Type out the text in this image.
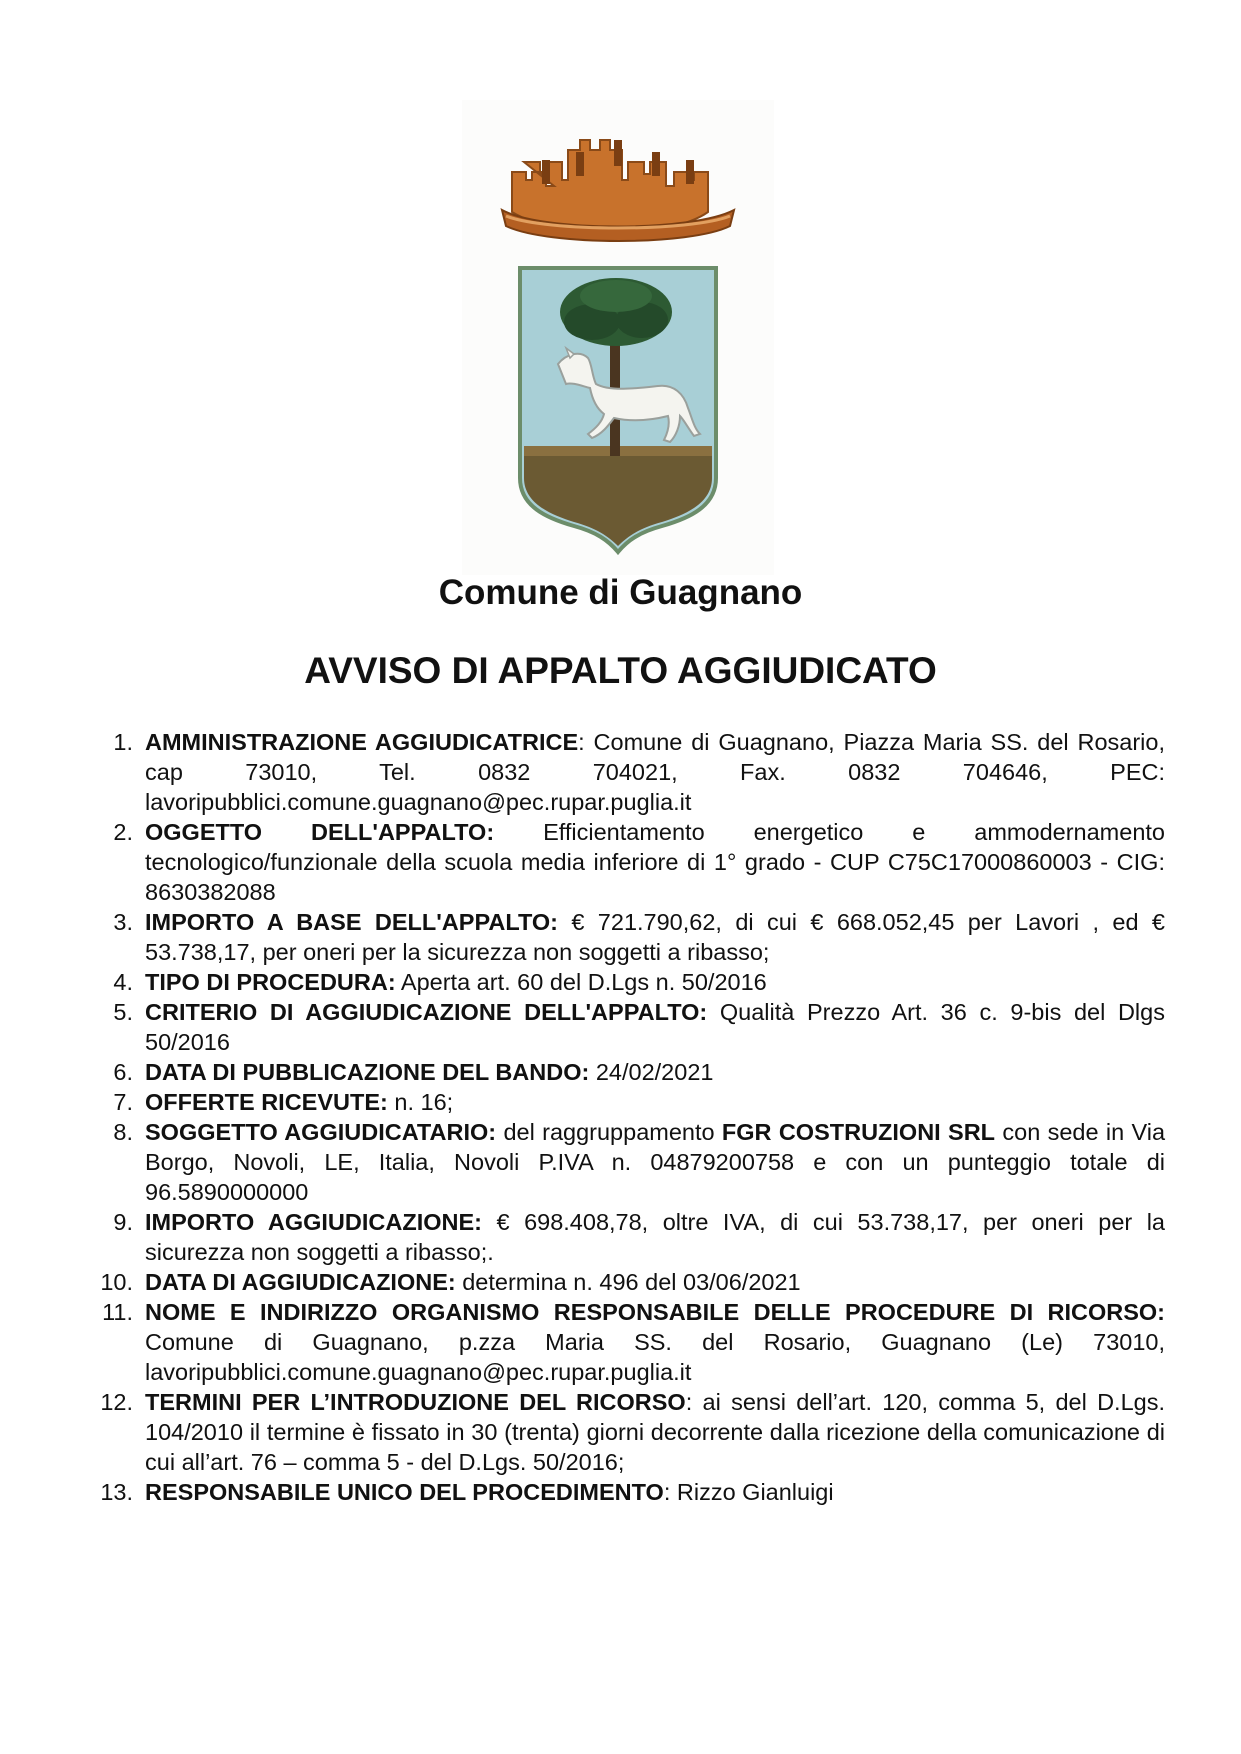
Comune di Guagnano
AVVISO DI APPALTO AGGIUDICATO
1. AMMINISTRAZIONE AGGIUDICATRICE: Comune di Guagnano, Piazza Maria SS. del Rosario, cap 73010, Tel. 0832 704021, Fax. 0832 704646, PEC: lavoripubblici.comune.guagnano@pec.rupar.puglia.it
2. OGGETTO DELL'APPALTO: Efficientamento energetico e ammodernamento tecnologico/funzionale della scuola media inferiore di 1° grado - CUP C75C17000860003 - CIG: 8630382088
3. IMPORTO A BASE DELL'APPALTO: € 721.790,62, di cui € 668.052,45 per Lavori , ed € 53.738,17, per oneri per la sicurezza non soggetti a ribasso;
4. TIPO DI PROCEDURA: Aperta art. 60 del D.Lgs n. 50/2016
5. CRITERIO DI AGGIUDICAZIONE DELL'APPALTO: Qualità Prezzo Art. 36 c. 9-bis del Dlgs 50/2016
6. DATA DI PUBBLICAZIONE DEL BANDO: 24/02/2021
7. OFFERTE RICEVUTE: n. 16;
8. SOGGETTO AGGIUDICATARIO: del raggruppamento FGR COSTRUZIONI SRL con sede in Via Borgo, Novoli, LE, Italia, Novoli P.IVA n. 04879200758 e con un punteggio totale di 96.5890000000
9. IMPORTO AGGIUDICAZIONE: € 698.408,78, oltre IVA, di cui 53.738,17, per oneri per la sicurezza non soggetti a ribasso;.
10. DATA DI AGGIUDICAZIONE: determina n. 496 del 03/06/2021
11. NOME E INDIRIZZO ORGANISMO RESPONSABILE DELLE PROCEDURE DI RICORSO: Comune di Guagnano, p.zza Maria SS. del Rosario, Guagnano (Le) 73010, lavoripubblici.comune.guagnano@pec.rupar.puglia.it
12. TERMINI PER L’INTRODUZIONE DEL RICORSO: ai sensi dell’art. 120, comma 5, del D.Lgs. 104/2010 il termine è fissato in 30 (trenta) giorni decorrente dalla ricezione della comunicazione di cui all’art. 76 – comma 5 - del D.Lgs. 50/2016;
13. RESPONSABILE UNICO DEL PROCEDIMENTO: Rizzo Gianluigi
